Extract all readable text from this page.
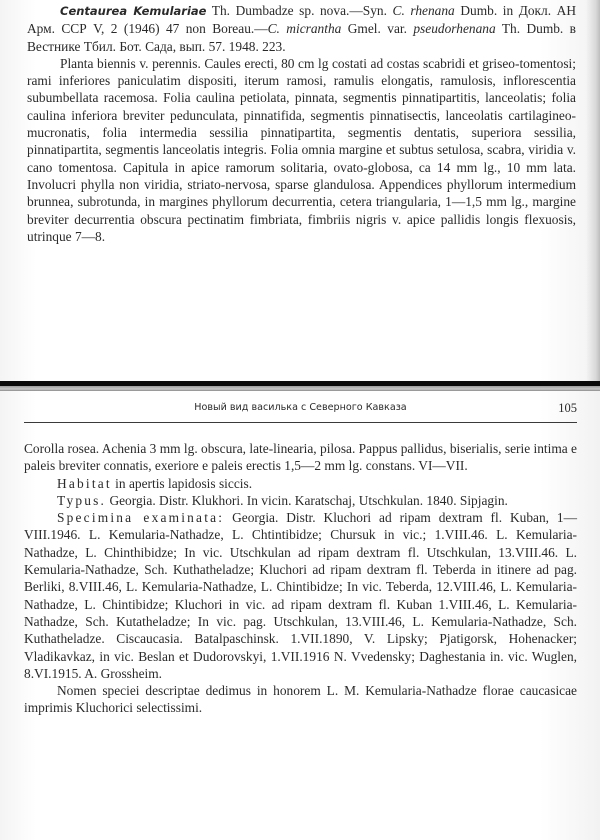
Centaurea Kemulariae Th. Dumbadze sp. nova.—Syn. C. rhenana Dumb. in Докл. АН Арм. ССР V, 2 (1946) 47 non Boreau.—C. micrantha Gmel. var. pseudorhenana Th. Dumb. в Вестнике Тбил. Бот. Сада, вып. 57. 1948. 223.

Planta biennis v. perennis. Caules erecti, 80 cm lg costati ad costas scabridi et griseo-tomentosi; rami inferiores paniculatim dispositi, iterum ramosi, ramulis elongatis, ramulosis, inflorescentia subumbellata racemosa. Folia caulina petiolata, pinnata, segmentis pinnatipartitis, lanceolatis; folia caulina inferiora breviter pedunculata, pinnatifida, segmentis pinnatisectis, lanceolatis cartilagineo-mucronatis, folia intermedia sessilia pinnatipartita, segmentis dentatis, superiora sessilia, pinnatipartita, segmentis lanceolatis integris. Folia omnia margine et subtus setulosa, scabra, viridia v. cano tomentosa. Capitula in apice ramorum solitaria, ovato-globosa, ca 14 mm lg., 10 mm lata. Involucri phylla non viridia, striato-nervosa, sparse glandulosa. Appendices phyllorum intermedium brunnea, subrotunda, in margines phyllorum decurrentia, cetera triangularia, 1—1,5 mm lg., margine breviter decurrentia obscura pectinatim fimbriata, fimbriis nigris v. apice pallidis longis flexuosis, utrinque 7—8.

Новый вид василька с Северного Кавказа	105

Corolla rosea. Achenia 3 mm lg. obscura, late-linearia, pilosa. Pappus pallidus, biserialis, serie intima e paleis breviter connatis, exeriore e paleis erectis 1,5—2 mm lg. constans. VI—VII.

Habitat in apertis lapidosis siccis.

Typus. Georgia. Distr. Klukhori. In vicin. Karatschaj, Utschkulan. 1840. Sipjagin.

Specimina examinata: Georgia. Distr. Kluchori ad ripam dextram fl. Kuban, 1—VIII.1946. L. Kemularia-Nathadze, L. Chtintibidze; Chursuk in vic.; 1.VIII.46. L. Kemularia-Nathadze, L. Chinthibidze; In vic. Utschkulan ad ripam dextram fl. Utschkulan, 13.VIII.46. L. Kemularia-Nathadze, Sch. Kuthatheladze; Kluchori ad ripam dextram fl. Teberda in itinere ad pag. Berliki, 8.VIII.46, L. Kemularia-Nathadze, L. Chintibidze; In vic. Teberda, 12.VIII.46, L. Kemularia-Nathadze, L. Chintibidze; Kluchori in vic. ad ripam dextram fl. Kuban 1.VIII.46, L. Kemularia-Nathadze, Sch. Kutatheladze; In vic. pag. Utschkulan, 13.VIII.46, L. Kemularia-Nathadze, Sch. Kuthatheladze. Ciscaucasia. Batalpaschinsk. 1.VII.1890, V. Lipsky; Pjatigorsk, Hohenacker; Vladikavkaz, in vic. Beslan et Dudorovskyi, 1.VII.1916 N. Vvedensky; Daghestania in. vic. Wuglen, 8.VI.1915. A. Grossheim.

Nomen speciei descriptae dedimus in honorem L. M. Kemularia-Nathadze florae caucasicae imprimis Kluchorici selectissimi.
